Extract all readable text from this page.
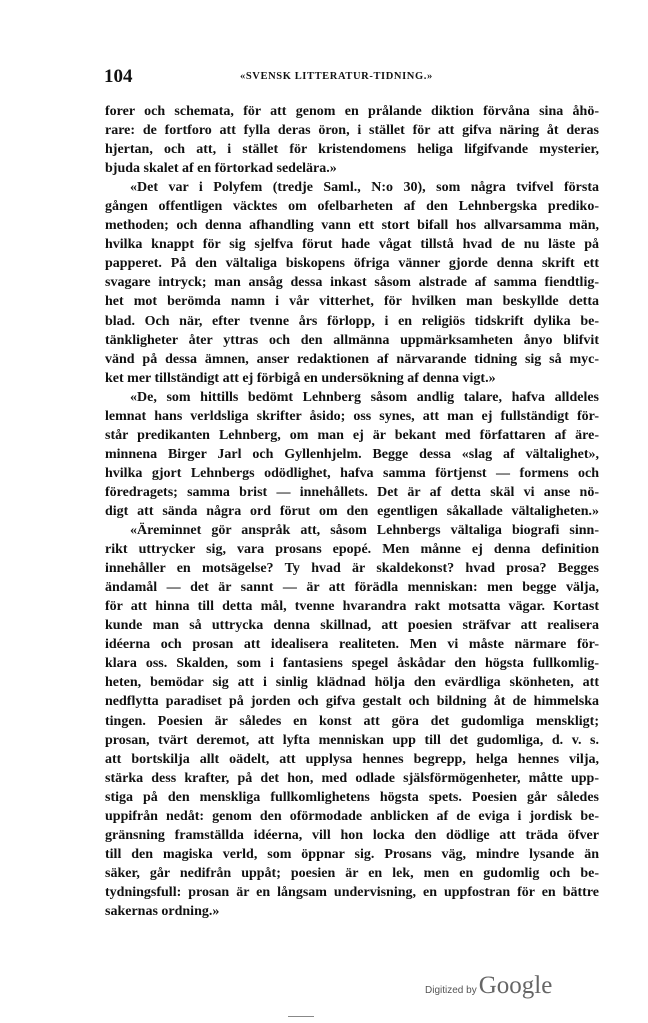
104	«SVENSK LITTERATUR-TIDNING.»
forer och schemata, för att genom en prålande diktion förvåna sina åhö-
rare: de fortforo att fylla deras öron, i stället för att gifva näring åt deras
hjertan, och att, i stället för kristendomens heliga lifgifvande mysterier,
bjuda skalet af en förtorkad sedelära.»
«Det var i Polyfem (tredje Saml., N:o 30), som några tvifvel första
gången offentligen väcktes om ofelbarheten af den Lehnbergska prediko-
methoden; och denna afhandling vann ett stort bifall hos allvarsamma män,
hvilka knappt för sig sjelfva förut hade vågat tillstå hvad de nu läste på
papperet. På den vältaliga biskopens öfriga vänner gjorde denna skrift ett
svagare intryck; man ansåg dessa inkast såsom alstrade af samma fiendtlig-
het mot berömda namn i vår vitterhet, för hvilken man beskyllde detta
blad. Och när, efter tvenne års förlopp, i en religiös tidskrift dylika be-
tänkligheter åter yttras och den allmänna uppmärksamheten ånyo blifvit
vänd på dessa ämnen, anser redaktionen af närvarande tidning sig så myc-
ket mer tillständigt att ej förbigå en undersökning af denna vigt.»
«De, som hittills bedömt Lehnberg såsom andlig talare, hafva alldeles
lemnat hans verldsliga skrifter åsido; oss synes, att man ej fullständigt för-
står predikanten Lehnberg, om man ej är bekant med författaren af äre-
minnena Birger Jarl och Gyllenhjelm. Begge dessa «slag af vältalighet»,
hvilka gjort Lehnbergs odödlighet, hafva samma förtjenst — formens och
föredragets; samma brist — innehållets. Det är af detta skäl vi anse nö-
digt att sända några ord förut om den egentligen såkallade vältaligheten.»
«Äreminnet gör anspråk att, såsom Lehnbergs vältaliga biografi sinn-
rikt uttrycker sig, vara prosans epopé. Men månne ej denna definition
innehåller en motsägelse? Ty hvad är skaldekonst? hvad prosa? Begges
ändamål — det är sannt — är att förädla menniskan: men begge välja,
för att hinna till detta mål, tvenne hvarandra rakt motsatta vägar. Kortast
kunde man så uttrycka denna skillnad, att poesien sträfvar att realisera
idéerna och prosan att idealisera realiteten. Men vi måste närmare för-
klara oss. Skalden, som i fantasiens spegel åskådar den högsta fullkomlig-
heten, bemödar sig att i sinlig klädnad hölja den evärdliga skönheten, att
nedflytta paradiset på jorden och gifva gestalt och bildning åt de himmelska
tingen. Poesien är således en konst att göra det gudomliga menskligt;
prosan, tvärt deremot, att lyfta menniskan upp till det gudomliga, d. v. s.
att bortskilja allt oädelt, att upplysa hennes begrepp, helga hennes vilja,
stärka dess krafter, på det hon, med odlade själsförmögenheter, måtte upp-
stiga på den menskliga fullkomlighetens högsta spets. Poesien går således
uppifrån nedåt: genom den oförmodade anblicken af de eviga i jordisk be-
gränsning framställda idéerna, vill hon locka den dödlige att träda öfver
till den magiska verld, som öppnar sig. Prosans väg, mindre lysande än
säker, går nedifrån uppåt; poesien är en lek, men en gudomlig och be-
tydningsfull: prosan är en långsam undervisning, en uppfostran för en bättre
sakernas ordning.»
Digitized by Google
